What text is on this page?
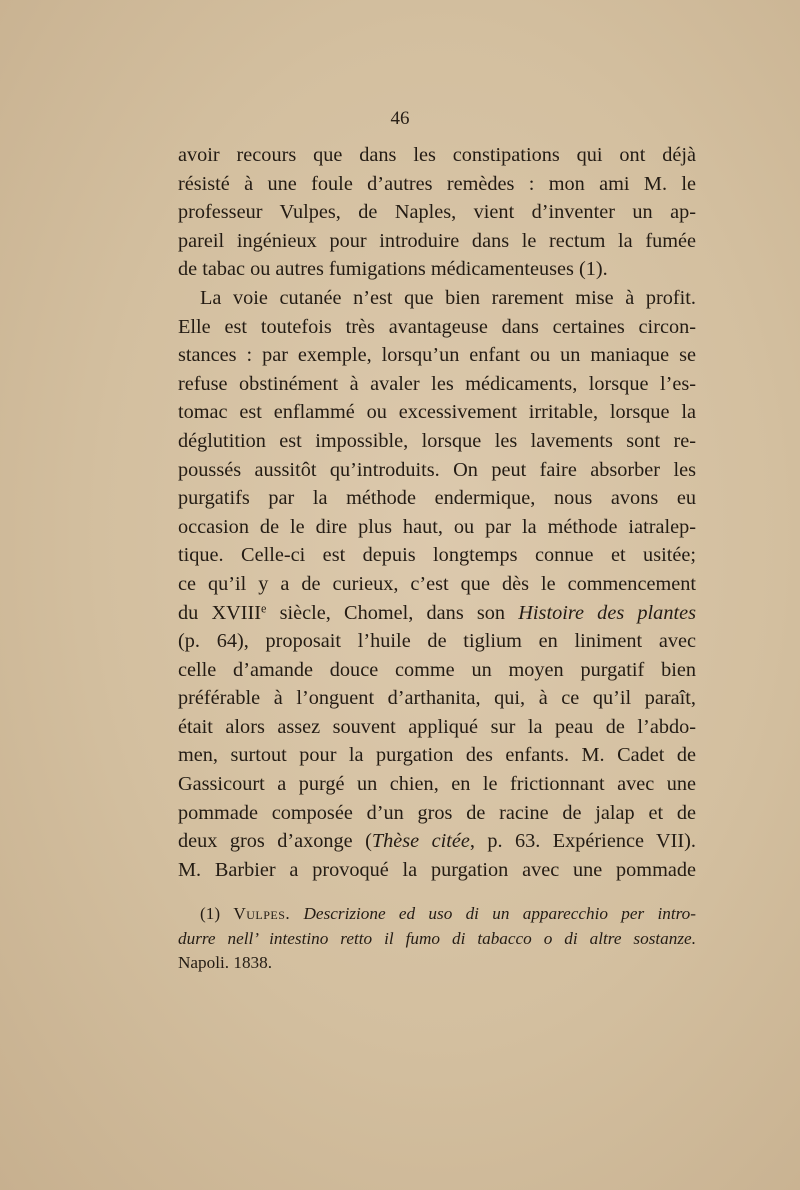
46
avoir recours que dans les constipations qui ont déjà
résisté à une foule d’autres remèdes : mon ami M. le
professeur Vulpes, de Naples, vient d’inventer un ap-
pareil ingénieux pour introduire dans le rectum la fumée
de tabac ou autres fumigations médicamenteuses (1).
La voie cutanée n’est que bien rarement mise à profit.
Elle est toutefois très avantageuse dans certaines circon-
stances : par exemple, lorsqu’un enfant ou un maniaque se
refuse obstinément à avaler les médicaments, lorsque l’es-
tomac est enflammé ou excessivement irritable, lorsque la
déglutition est impossible, lorsque les lavements sont re-
poussés aussitôt qu’introduits. On peut faire absorber les
purgatifs par la méthode endermique, nous avons eu
occasion de le dire plus haut, ou par la méthode iatralep-
tique. Celle-ci est depuis longtemps connue et usitée;
ce qu’il y a de curieux, c’est que dès le commencement
du XVIIIe siècle, Chomel, dans son Histoire des plantes
(p. 64), proposait l’huile de tiglium en liniment avec
celle d’amande douce comme un moyen purgatif bien
préférable à l’onguent d’arthanita, qui, à ce qu’il paraît,
était alors assez souvent appliqué sur la peau de l’abdo-
men, surtout pour la purgation des enfants. M. Cadet de
Gassicourt a purgé un chien, en le frictionnant avec une
pommade composée d’un gros de racine de jalap et de
deux gros d’axonge (Thèse citée, p. 63. Expérience VII).
M. Barbier a provoqué la purgation avec une pommade
(1) Vulpes. Descrizione ed uso di un apparecchio per intro-
durre nell’ intestino retto il fumo di tabacco o di altre sostanze.
Napoli. 1838.
